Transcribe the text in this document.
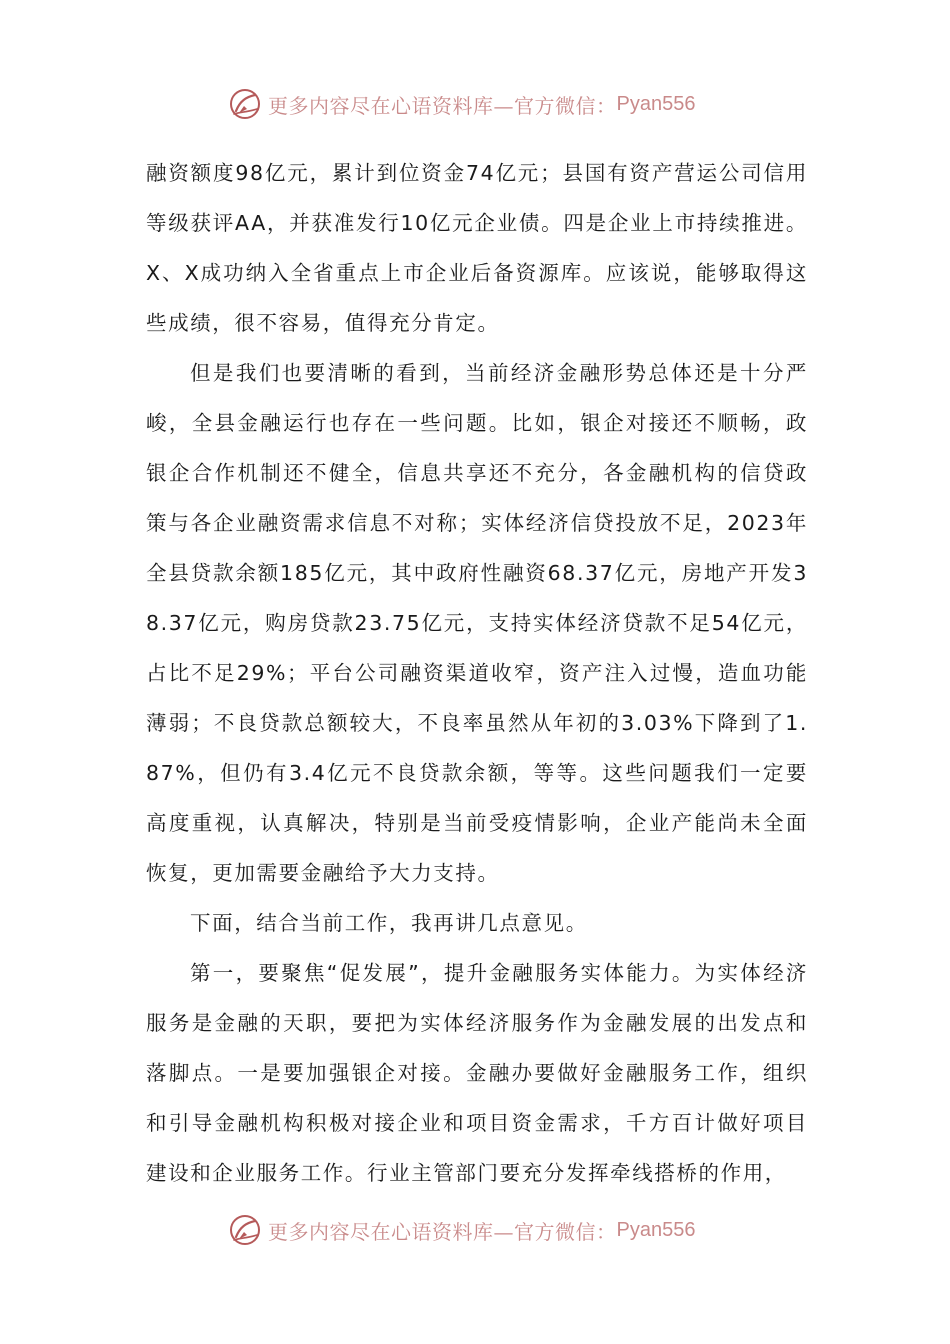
更多内容尽在心语资料库—官方微信： Pyan556

融资额度98亿元，累计到位资金74亿元；县国有资产营运公司信用等级获评AA，并获准发行10亿元企业债。四是企业上市持续推进。X、X成功纳入全省重点上市企业后备资源库。应该说，能够取得这些成绩，很不容易，值得充分肯定。

但是我们也要清晰的看到，当前经济金融形势总体还是十分严峻，全县金融运行也存在一些问题。比如，银企对接还不顺畅，政银企合作机制还不健全，信息共享还不充分，各金融机构的信贷政策与各企业融资需求信息不对称；实体经济信贷投放不足，2023年全县贷款余额185亿元，其中政府性融资68.37亿元，房地产开发38.37亿元，购房贷款23.75亿元，支持实体经济贷款不足54亿元，占比不足29%；平台公司融资渠道收窄，资产注入过慢，造血功能薄弱；不良贷款总额较大，不良率虽然从年初的3.03%下降到了1.87%，但仍有3.4亿元不良贷款余额，等等。这些问题我们一定要高度重视，认真解决，特别是当前受疫情影响，企业产能尚未全面恢复，更加需要金融给予大力支持。

下面，结合当前工作，我再讲几点意见。

第一，要聚焦“促发展”，提升金融服务实体能力。为实体经济服务是金融的天职，要把为实体经济服务作为金融发展的出发点和落脚点。一是要加强银企对接。金融办要做好金融服务工作，组织和引导金融机构积极对接企业和项目资金需求，千方百计做好项目建设和企业服务工作。行业主管部门要充分发挥牵线搭桥的作用，

更多内容尽在心语资料库—官方微信： Pyan556
